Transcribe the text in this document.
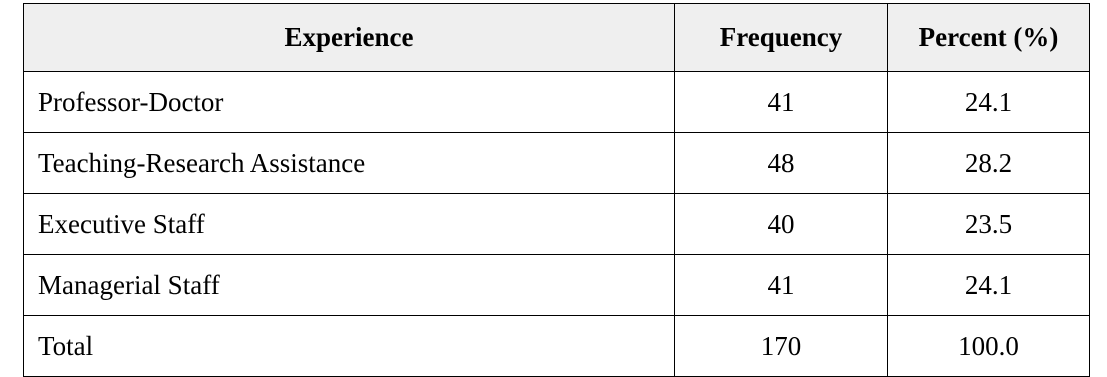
Experience	Frequency	Percent (%)
Professor-Doctor	41	24.1
Teaching-Research Assistance	48	28.2
Executive Staff	40	23.5
Managerial Staff	41	24.1
Total	170	100.0
